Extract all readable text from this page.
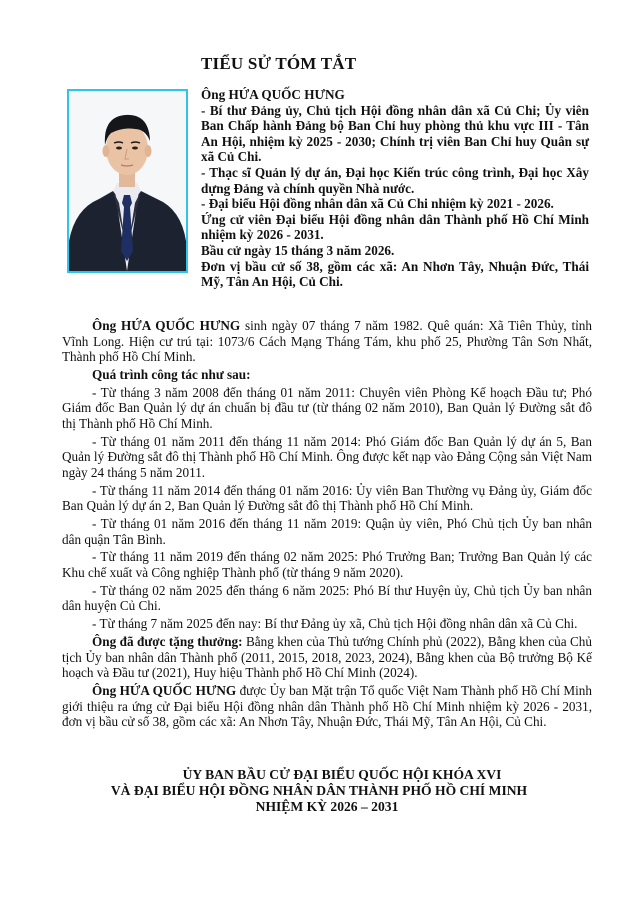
TIỂU SỬ TÓM TẮT

Ông HỨA QUỐC HƯNG

- Bí thư Đảng ủy, Chủ tịch Hội đồng nhân dân xã Củ Chi; Ủy viên Ban Chấp hành Đảng bộ Ban Chỉ huy phòng thủ khu vực III - Tân An Hội, nhiệm kỳ 2025 - 2030; Chính trị viên Ban Chỉ huy Quân sự xã Củ Chi.

- Thạc sĩ Quản lý dự án, Đại học Kiến trúc công trình, Đại học Xây dựng Đảng và chính quyền Nhà nước.

- Đại biểu Hội đồng nhân dân xã Củ Chi nhiệm kỳ 2021 - 2026.

Ứng cử viên Đại biểu Hội đồng nhân dân Thành phố Hồ Chí Minh nhiệm kỳ 2026 - 2031.

Bầu cử ngày 15 tháng 3 năm 2026.

Đơn vị bầu cử số 38, gồm các xã: An Nhơn Tây, Nhuận Đức, Thái Mỹ, Tân An Hội, Củ Chi.

Ông HỨA QUỐC HƯNG sinh ngày 07 tháng 7 năm 1982. Quê quán: Xã Tiên Thủy, tỉnh Vĩnh Long. Hiện cư trú tại: 1073/6 Cách Mạng Tháng Tám, khu phố 25, Phường Tân Sơn Nhất, Thành phố Hồ Chí Minh.

Quá trình công tác như sau:

- Từ tháng 3 năm 2008 đến tháng 01 năm 2011: Chuyên viên Phòng Kế hoạch Đầu tư; Phó Giám đốc Ban Quản lý dự án chuẩn bị đầu tư (từ tháng 02 năm 2010), Ban Quản lý Đường sắt đô thị Thành phố Hồ Chí Minh.

- Từ tháng 01 năm 2011 đến tháng 11 năm 2014: Phó Giám đốc Ban Quản lý dự án 5, Ban Quản lý Đường sắt đô thị Thành phố Hồ Chí Minh. Ông được kết nạp vào Đảng Cộng sản Việt Nam ngày 24 tháng 5 năm 2011.

- Từ tháng 11 năm 2014 đến tháng 01 năm 2016: Ủy viên Ban Thường vụ Đảng ủy, Giám đốc Ban Quản lý dự án 2, Ban Quản lý Đường sắt đô thị Thành phố Hồ Chí Minh.

- Từ tháng 01 năm 2016 đến tháng 11 năm 2019: Quận ủy viên, Phó Chủ tịch Ủy ban nhân dân quận Tân Bình.

- Từ tháng 11 năm 2019 đến tháng 02 năm 2025: Phó Trưởng Ban; Trưởng Ban Quản lý các Khu chế xuất và Công nghiệp Thành phố (từ tháng 9 năm 2020).

- Từ tháng 02 năm 2025 đến tháng 6 năm 2025: Phó Bí thư Huyện ủy, Chủ tịch Ủy ban nhân dân huyện Củ Chi.

- Từ tháng 7 năm 2025 đến nay: Bí thư Đảng ủy xã, Chủ tịch Hội đồng nhân dân xã Củ Chi.

Ông đã được tặng thưởng: Bằng khen của Thủ tướng Chính phủ (2022), Bằng khen của Chủ tịch Ủy ban nhân dân Thành phố (2011, 2015, 2018, 2023, 2024), Bằng khen của Bộ trưởng Bộ Kế hoạch và Đầu tư (2021), Huy hiệu Thành phố Hồ Chí Minh (2024).

Ông HỨA QUỐC HƯNG được Ủy ban Mặt trận Tổ quốc Việt Nam Thành phố Hồ Chí Minh giới thiệu ra ứng cử Đại biểu Hội đồng nhân dân Thành phố Hồ Chí Minh nhiệm kỳ 2026 - 2031, đơn vị bầu cử số 38, gồm các xã: An Nhơn Tây, Nhuận Đức, Thái Mỹ, Tân An Hội, Củ Chi.

ỦY BAN BẦU CỬ ĐẠI BIỂU QUỐC HỘI KHÓA XVI
VÀ ĐẠI BIỂU HỘI ĐỒNG NHÂN DÂN THÀNH PHỐ HỒ CHÍ MINH
NHIỆM KỲ 2026 – 2031
